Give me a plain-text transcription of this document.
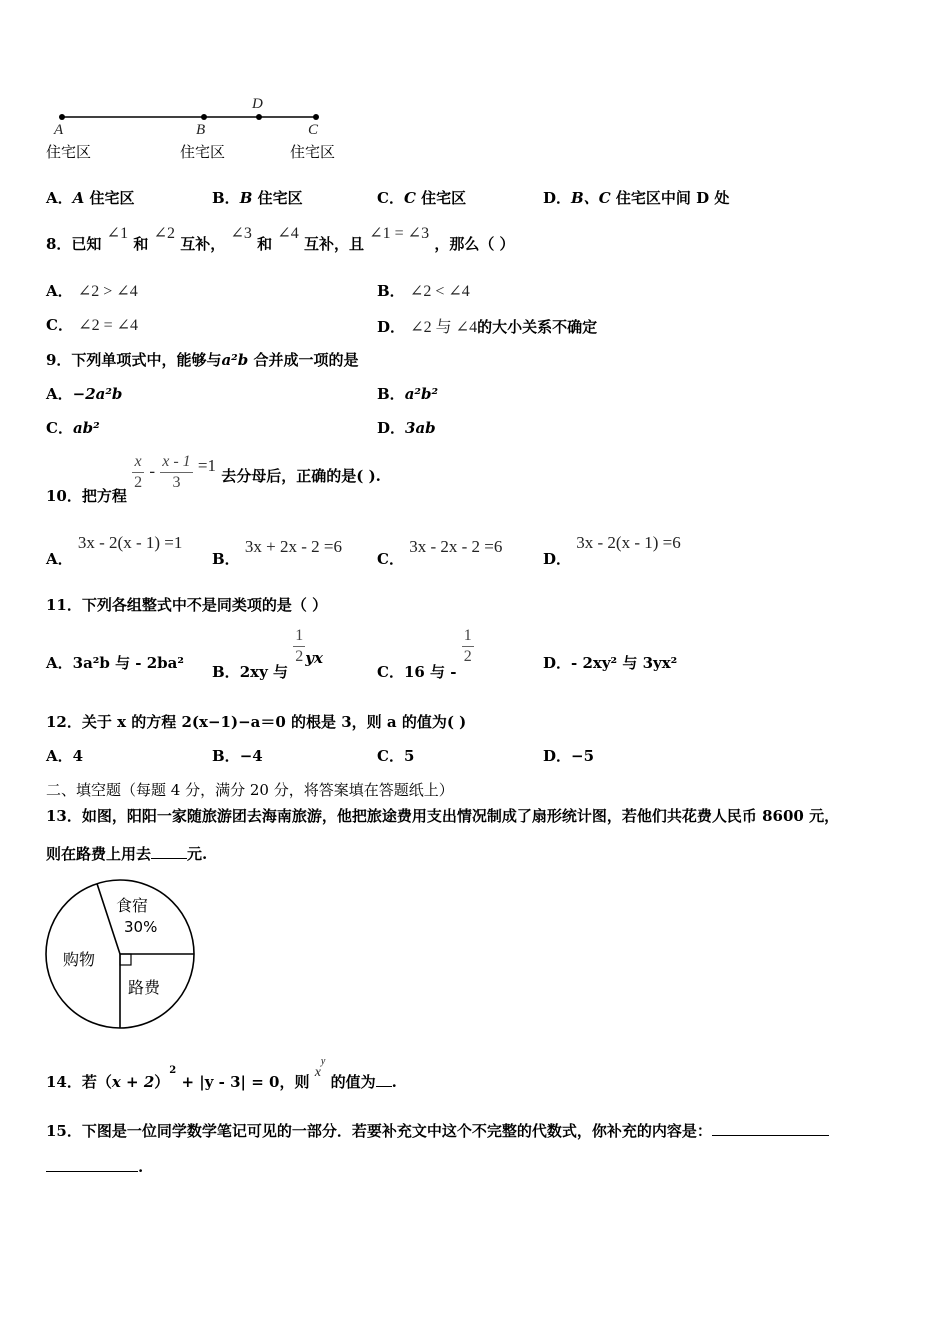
D
A	B	C
住宅区	住宅区	住宅区
A．A 住宅区	B．B 住宅区	C．C 住宅区	D．B、C 住宅区中间 D 处
8．已知 ∠1 和 ∠2 互补， ∠3 和 ∠4 互补，且 ∠1 = ∠3 ，那么（ ）
A． ∠2 > ∠4	B． ∠2 < ∠4
C． ∠2 = ∠4	D． ∠2 与 ∠4的大小关系不确定
9．下列单项式中，能够与a²b 合并成一项的是
A．−2a²b	B．a²b²
C．ab²	D．3ab
10．把方程
$\frac{x}{2} - \frac{x - 1}{3} =1$ 去分母后，正确的是( ).
A． 3x - 2(x - 1) =1
B． 3x + 2x - 2 =6
C． 3x - 2x - 2 =6
D． 3x - 2(x - 1) =6
11．下列各组整式中不是同类项的是（ ）
A．3a²b 与 - 2ba² B．2xy 与
$\frac{1}{2}$ yx
C．16 与 -
$\frac{1}{2}$	D．- 2xy² 与 3yx²
12．关于 x 的方程 2(x−1)−a＝0 的根是 3，则 a 的值为( )
A．4	B．−4	C．5	D．−5
二、填空题（每题 4 分，满分 20 分，将答案填在答题纸上）
13．如图，阳阳一家随旅游团去海南旅游，他把旅途费用支出情况制成了扇形统计图，若他们共花费人民币 8600 元，
则在路费上用去 元.
食宿
30%
购物
路费
14．若$(x + 2)^2 + |y - 3| = 0$，则 $x^y$ 的值为 .
15．下图是一位同学数学笔记可见的一部分．若要补充文中这个不完整的代数式，你补充的内容是：
.
